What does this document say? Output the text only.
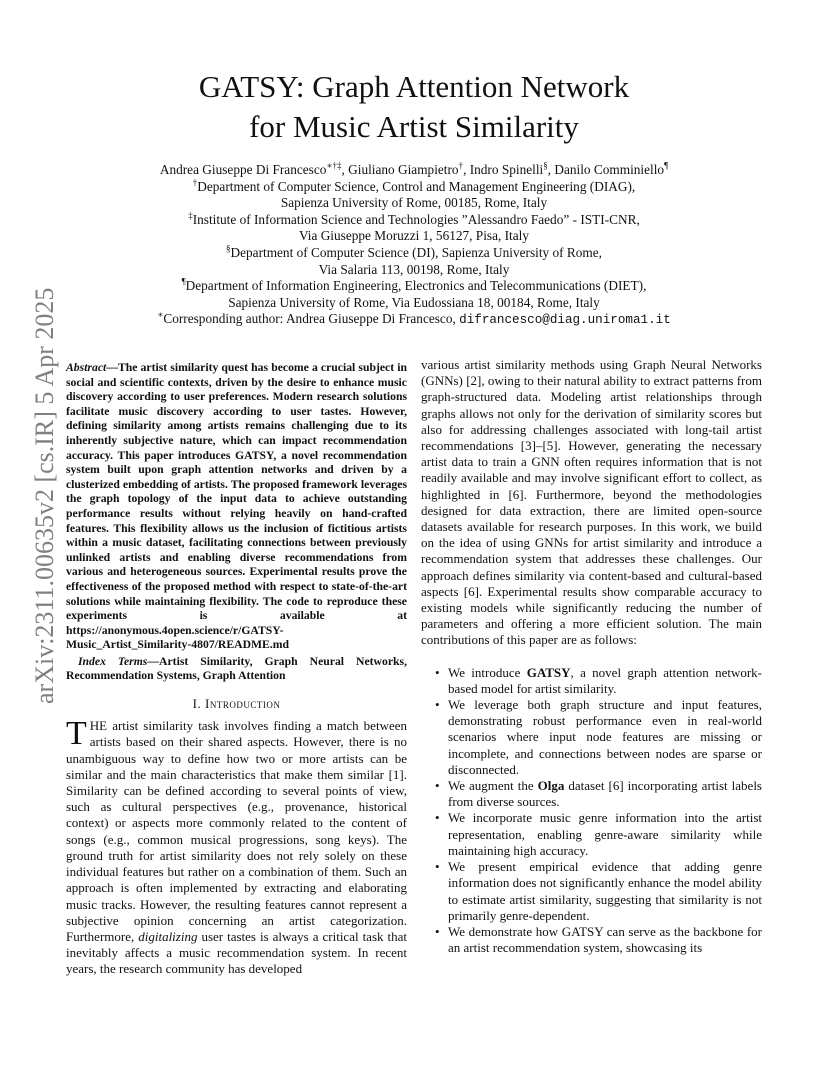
arXiv:2311.00635v2 [cs.IR] 5 Apr 2025
GATSY: Graph Attention Network
for Music Artist Similarity
Andrea Giuseppe Di Francesco∗†‡, Giuliano Giampietro†, Indro Spinelli§, Danilo Comminiello¶
†Department of Computer Science, Control and Management Engineering (DIAG),
Sapienza University of Rome, 00185, Rome, Italy
‡Institute of Information Science and Technologies ”Alessandro Faedo” - ISTI-CNR,
Via Giuseppe Moruzzi 1, 56127, Pisa, Italy
§Department of Computer Science (DI), Sapienza University of Rome,
Via Salaria 113, 00198, Rome, Italy
¶Department of Information Engineering, Electronics and Telecommunications (DIET),
Sapienza University of Rome, Via Eudossiana 18, 00184, Rome, Italy
∗Corresponding author: Andrea Giuseppe Di Francesco, difrancesco@diag.uniroma1.it
Abstract—The artist similarity quest has become a crucial subject in social and scientific contexts, driven by the desire to enhance music discovery according to user preferences. Modern research solutions facilitate music discovery according to user tastes. However, defining similarity among artists remains challenging due to its inherently subjective nature, which can impact recommendation accuracy. This paper introduces GATSY, a novel recommendation system built upon graph attention networks and driven by a clusterized embedding of artists. The proposed framework leverages the graph topology of the input data to achieve outstanding performance results without relying heavily on hand-crafted features. This flexibility allows us the inclusion of fictitious artists within a music dataset, facilitating connections between previously unlinked artists and enabling diverse recommendations from various and heterogeneous sources. Experimental results prove the effectiveness of the proposed method with respect to state-of-the-art solutions while maintaining flexibility. The code to reproduce these experiments is available at https://anonymous.4open.science/r/GATSY-Music_Artist_Similarity-4807/README.md
Index Terms—Artist Similarity, Graph Neural Networks, Recommendation Systems, Graph Attention
I. Introduction

THE artist similarity task involves finding a match between artists based on their shared aspects. However, there is no unambiguous way to define how two or more artists can be similar and the main characteristics that make them similar [1]. Similarity can be defined according to several points of view, such as cultural perspectives (e.g., provenance, historical context) or aspects more commonly related to the content of songs (e.g., common musical progressions, song keys). The ground truth for artist similarity does not rely solely on these individual features but rather on a combination of them. Such an approach is often implemented by extracting and elaborating music tracks. However, the resulting features cannot represent a subjective opinion concerning an artist categorization. Furthermore, digitalizing user tastes is always a critical task that inevitably affects a music recommendation system. In recent years, the research community has developed

various artist similarity methods using Graph Neural Networks (GNNs) [2], owing to their natural ability to extract patterns from graph-structured data. Modeling artist relationships through graphs allows not only for the derivation of similarity scores but also for addressing challenges associated with long-tail artist recommendations [3]–[5]. However, generating the necessary artist data to train a GNN often requires information that is not readily available and may involve significant effort to collect, as highlighted in [6]. Furthermore, beyond the methodologies designed for data extraction, there are limited open-source datasets available for research purposes. In this work, we build on the idea of using GNNs for artist similarity and introduce a recommendation system that addresses these challenges. Our approach defines similarity via content-based and cultural-based aspects [6]. Experimental results show comparable accuracy to existing models while significantly reducing the number of parameters and offering a more efficient solution. The main contributions of this paper are as follows:

• We introduce GATSY, a novel graph attention network-based model for artist similarity.
• We leverage both graph structure and input features, demonstrating robust performance even in real-world scenarios where input node features are missing or incomplete, and connections between nodes are sparse or disconnected.
• We augment the Olga dataset [6] incorporating artist labels from diverse sources.
• We incorporate music genre information into the artist representation, enabling genre-aware similarity while maintaining high accuracy.
• We present empirical evidence that adding genre information does not significantly enhance the model ability to estimate artist similarity, suggesting that similarity is not primarily genre-dependent.
• We demonstrate how GATSY can serve as the backbone for an artist recommendation system, showcasing its
